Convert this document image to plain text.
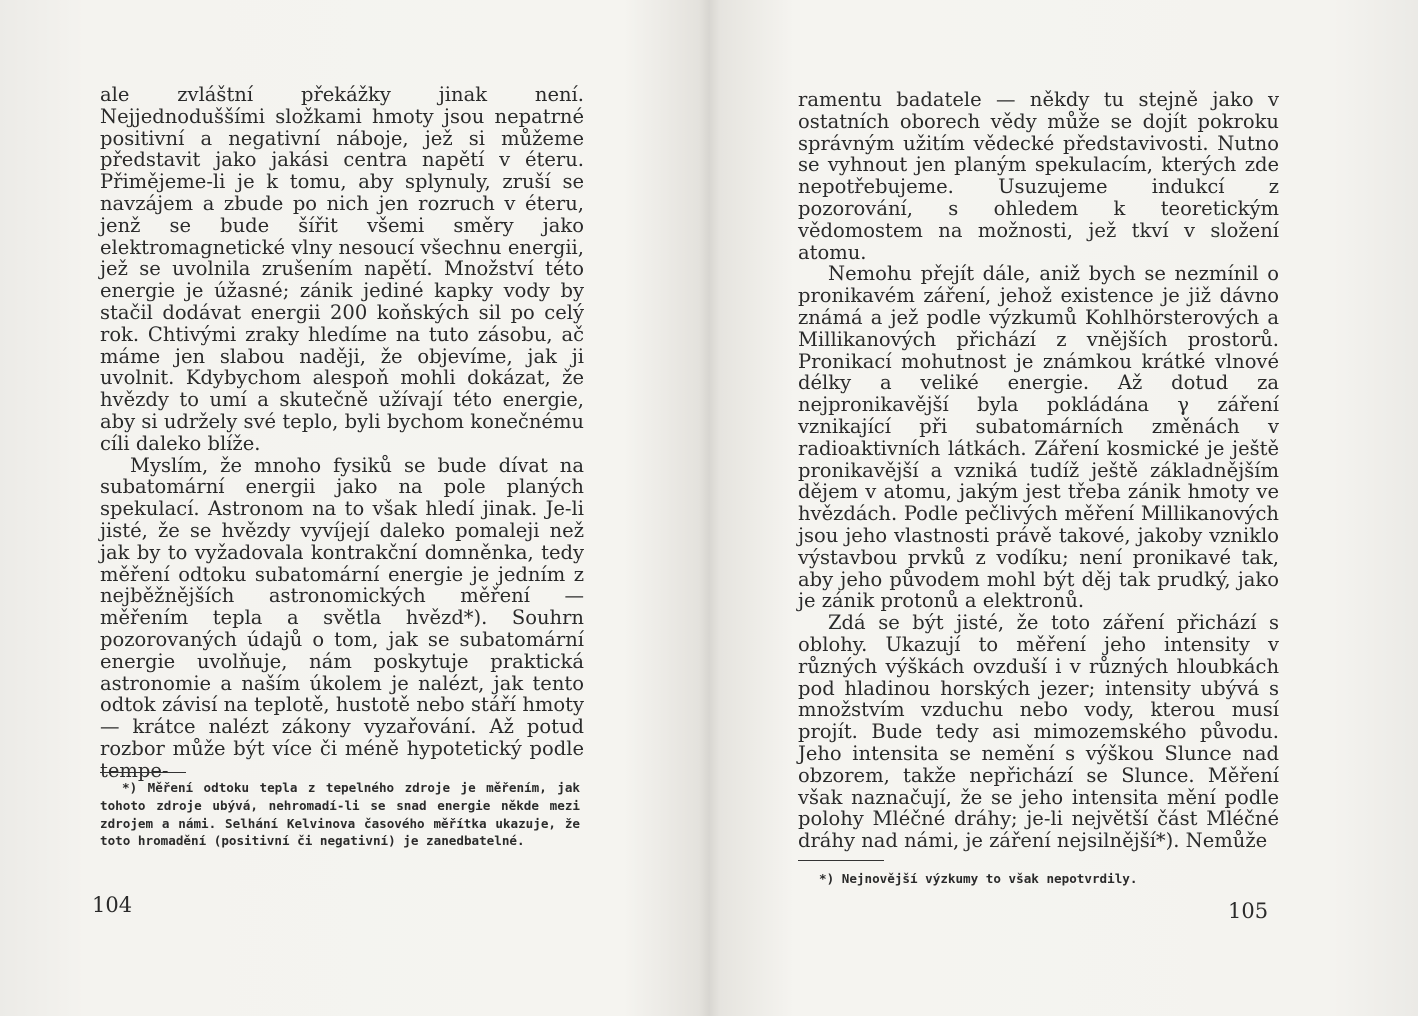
ale zvláštní překážky jinak není. Nejjednoduššími složkami hmoty jsou nepatrné positivní a negativní náboje, jež si můžeme představit jako jakási centra napětí v éteru. Přimějeme-li je k tomu, aby splynuly, zruší se navzájem a zbude po nich jen rozruch v éteru, jenž se bude šířit všemi směry jako elektromagnetické vlny nesoucí všechnu energii, jež se uvolnila zrušením napětí. Množství této energie je úžasné; zánik jediné kapky vody by stačil dodávat energii 200 koňských sil po celý rok. Chtivými zraky hledíme na tuto zásobu, ač máme jen slabou naději, že objevíme, jak ji uvolnit. Kdybychom alespoň mohli dokázat, že hvězdy to umí a skutečně užívají této energie, aby si udržely své teplo, byli bychom konečnému cíli daleko blíže.

Myslím, že mnoho fysiků se bude dívat na subatomární energii jako na pole planých spekulací. Astronom na to však hledí jinak. Je-li jisté, že se hvězdy vyvíjejí daleko pomaleji než jak by to vyžadovala kontrakční domněnka, tedy měření odtoku subatomární energie je jedním z nejběžnějších astronomických měření — měřením tepla a světla hvězd*). Souhrn pozorovaných údajů o tom, jak se subatomární energie uvolňuje, nám poskytuje praktická astronomie a naším úkolem je nalézt, jak tento odtok závisí na teplotě, hustotě nebo stáří hmoty — krátce nalézt zákony vyzařování. Až potud rozbor může být více či méně hypotetický podle tempe-

*) Měření odtoku tepla z tepelného zdroje je měřením, jak tohoto zdroje ubývá, nehromadí-li se snad energie někde mezi zdrojem a námi. Selhání Kelvinova časového měřítka ukazuje, že toto hromadění (positivní či negativní) je zanedbatelné.
104

ramentu badatele — někdy tu stejně jako v ostatních oborech vědy může se dojít pokroku správným užitím vědecké představivosti. Nutno se vyhnout jen planým spekulacím, kterých zde nepotřebujeme. Usuzujeme indukcí z pozorování, s ohledem k teoretickým vědomostem na možnosti, jež tkví v složení atomu.

Nemohu přejít dále, aniž bych se nezmínil o pronikavém záření, jehož existence je již dávno známá a jež podle výzkumů Kohlhörsterových a Millikanových přichází z vnějších prostorů. Pronikací mohutnost je známkou krátké vlnové délky a veliké energie. Až dotud za nejpronikavější byla pokládána γ záření vznikající při subatomárních změnách v radioaktivních látkách. Záření kosmické je ještě pronikavější a vzniká tudíž ještě základnějším dějem v atomu, jakým jest třeba zánik hmoty ve hvězdách. Podle pečlivých měření Millikanových jsou jeho vlastnosti právě takové, jakoby vzniklo výstavbou prvků z vodíku; není pronikavé tak, aby jeho původem mohl být děj tak prudký, jako je zánik protonů a elektronů.

Zdá se být jisté, že toto záření přichází s oblohy. Ukazují to měření jeho intensity v různých výškách ovzduší i v různých hloubkách pod hladinou horských jezer; intensity ubývá s množstvím vzduchu nebo vody, kterou musí projít. Bude tedy asi mimozemského původu. Jeho intensita se nemění s výškou Slunce nad obzorem, takže nepřichází se Slunce. Měření však naznačují, že se jeho intensita mění podle polohy Mléčné dráhy; je-li největší část Mléčné dráhy nad námi, je záření nejsilnější*). Nemůže

*) Nejnovější výzkumy to však nepotvrdily.
105
